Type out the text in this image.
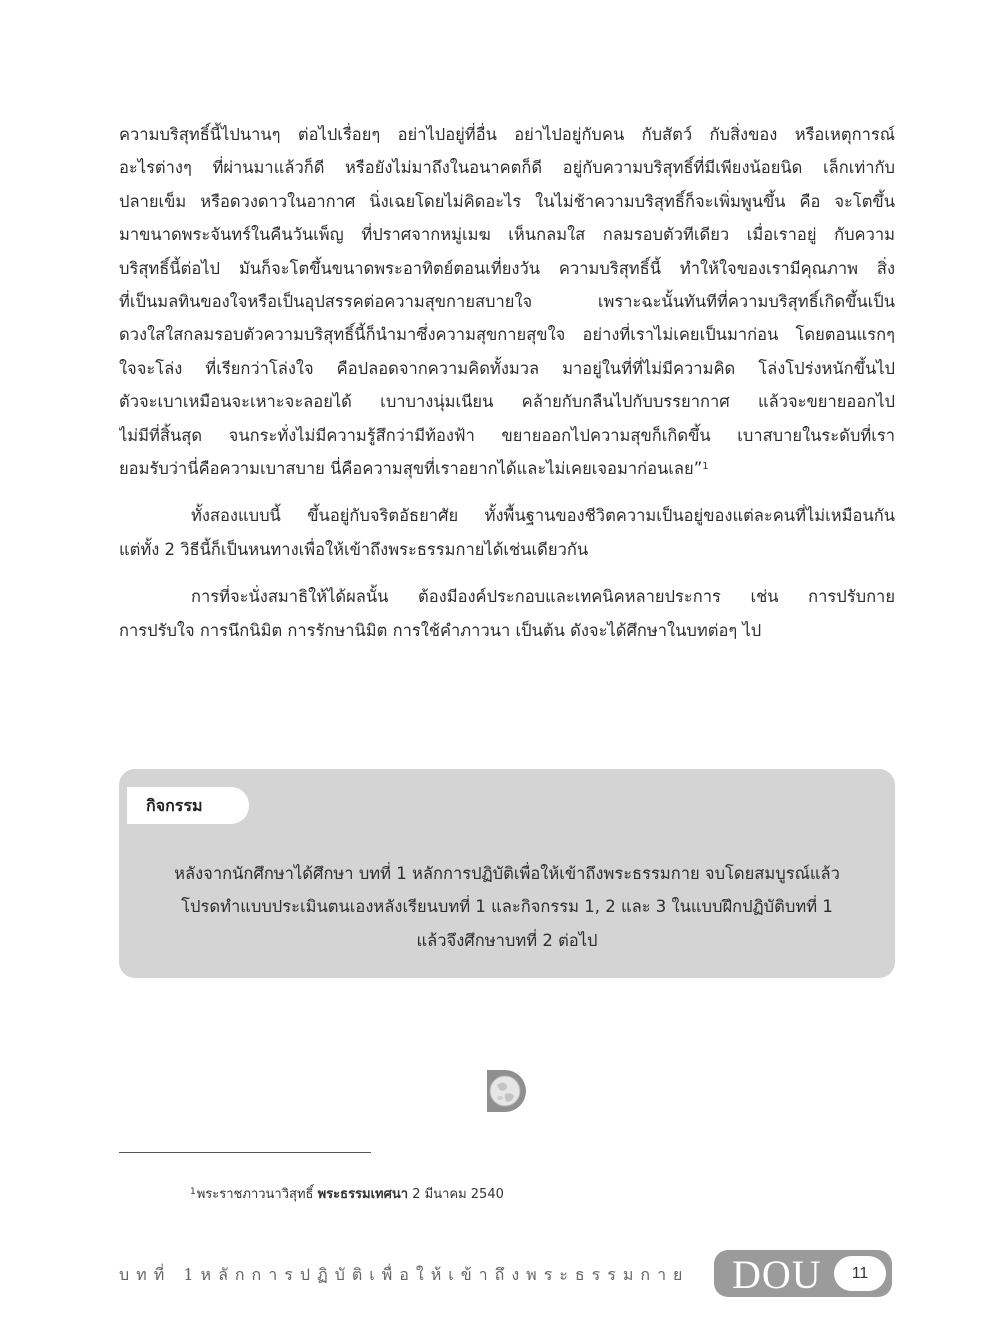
ความบริสุทธิ์นี้ไปนานๆ ต่อไปเรื่อยๆ อย่าไปอยู่ที่อื่น อย่าไปอยู่กับคน กับสัตว์ กับสิ่งของ หรือเหตุการณ์
อะไรต่างๆ ที่ผ่านมาแล้วก็ดี หรือยังไม่มาถึงในอนาคตก็ดี อยู่กับความบริสุทธิ์ที่มีเพียงน้อยนิด เล็กเท่ากับ
ปลายเข็ม หรือดวงดาวในอากาศ นิ่งเฉยโดยไม่คิดอะไร ในไม่ช้าความบริสุทธิ์ก็จะเพิ่มพูนขึ้น คือ จะโตขึ้น
มาขนาดพระจันทร์ในคืนวันเพ็ญ ที่ปราศจากหมู่เมฆ เห็นกลมใส กลมรอบตัวทีเดียว เมื่อเราอยู่ กับความ
บริสุทธิ์นี้ต่อไป มันก็จะโตขึ้นขนาดพระอาทิตย์ตอนเที่ยงวัน ความบริสุทธิ์นี้ ทำให้ใจของเรามีคุณภาพ สิ่ง
ที่เป็นมลทินของใจหรือเป็นอุปสรรคต่อความสุขกายสบายใจ เพราะฉะนั้นทันทีที่ความบริสุทธิ์เกิดขึ้นเป็น
ดวงใสใสกลมรอบตัวความบริสุทธิ์นี้ก็นำมาซึ่งความสุขกายสุขใจ อย่างที่เราไม่เคยเป็นมาก่อน โดยตอนแรกๆ
ใจจะโล่ง ที่เรียกว่าโล่งใจ คือปลอดจากความคิดทั้งมวล มาอยู่ในที่ที่ไม่มีความคิด โล่งโปร่งหนักขึ้นไป
ตัวจะเบาเหมือนจะเหาะจะลอยได้ เบาบางนุ่มเนียน คล้ายกับกลืนไปกับบรรยากาศ แล้วจะขยายออกไป
ไม่มีที่สิ้นสุด จนกระทั่งไม่มีความรู้สึกว่ามีท้องฟ้า ขยายออกไปความสุขก็เกิดขึ้น เบาสบายในระดับที่เรา
ยอมรับว่านี่คือความเบาสบาย นี่คือความสุขที่เราอยากได้และไม่เคยเจอมาก่อนเลย”$^1$
ทั้งสองแบบนี้ ขึ้นอยู่กับจริตอัธยาศัย ทั้งพื้นฐานของชีวิตความเป็นอยู่ของแต่ละคนที่ไม่เหมือนกัน
แต่ทั้ง 2 วิธีนี้ก็เป็นหนทางเพื่อให้เข้าถึงพระธรรมกายได้เช่นเดียวกัน
การที่จะนั่งสมาธิให้ได้ผลนั้น ต้องมีองค์ประกอบและเทคนิคหลายประการ เช่น การปรับกาย
การปรับใจ การนึกนิมิต การรักษานิมิต การใช้คำภาวนา เป็นต้น ดังจะได้ศึกษาในบทต่อๆ ไป
กิจกรรม
หลังจากนักศึกษาได้ศึกษา บทที่ 1 หลักการปฏิบัติเพื่อให้เข้าถึงพระธรรมกาย จบโดยสมบูรณ์แล้ว
โปรดทำแบบประเมินตนเองหลังเรียนบทที่ 1 และกิจกรรม 1, 2 และ 3 ในแบบฝึกปฏิบัติบทที่ 1
แล้วจึงศึกษาบทที่ 2 ต่อไป
$^1$พระราชภาวนาวิสุทธิ์ พระธรรมเทศนา 2 มีนาคม 2540
บทที่ 1หลักการปฏิบัติเพื่อให้เข้าถึงพระธรรมกาย DOU	11
